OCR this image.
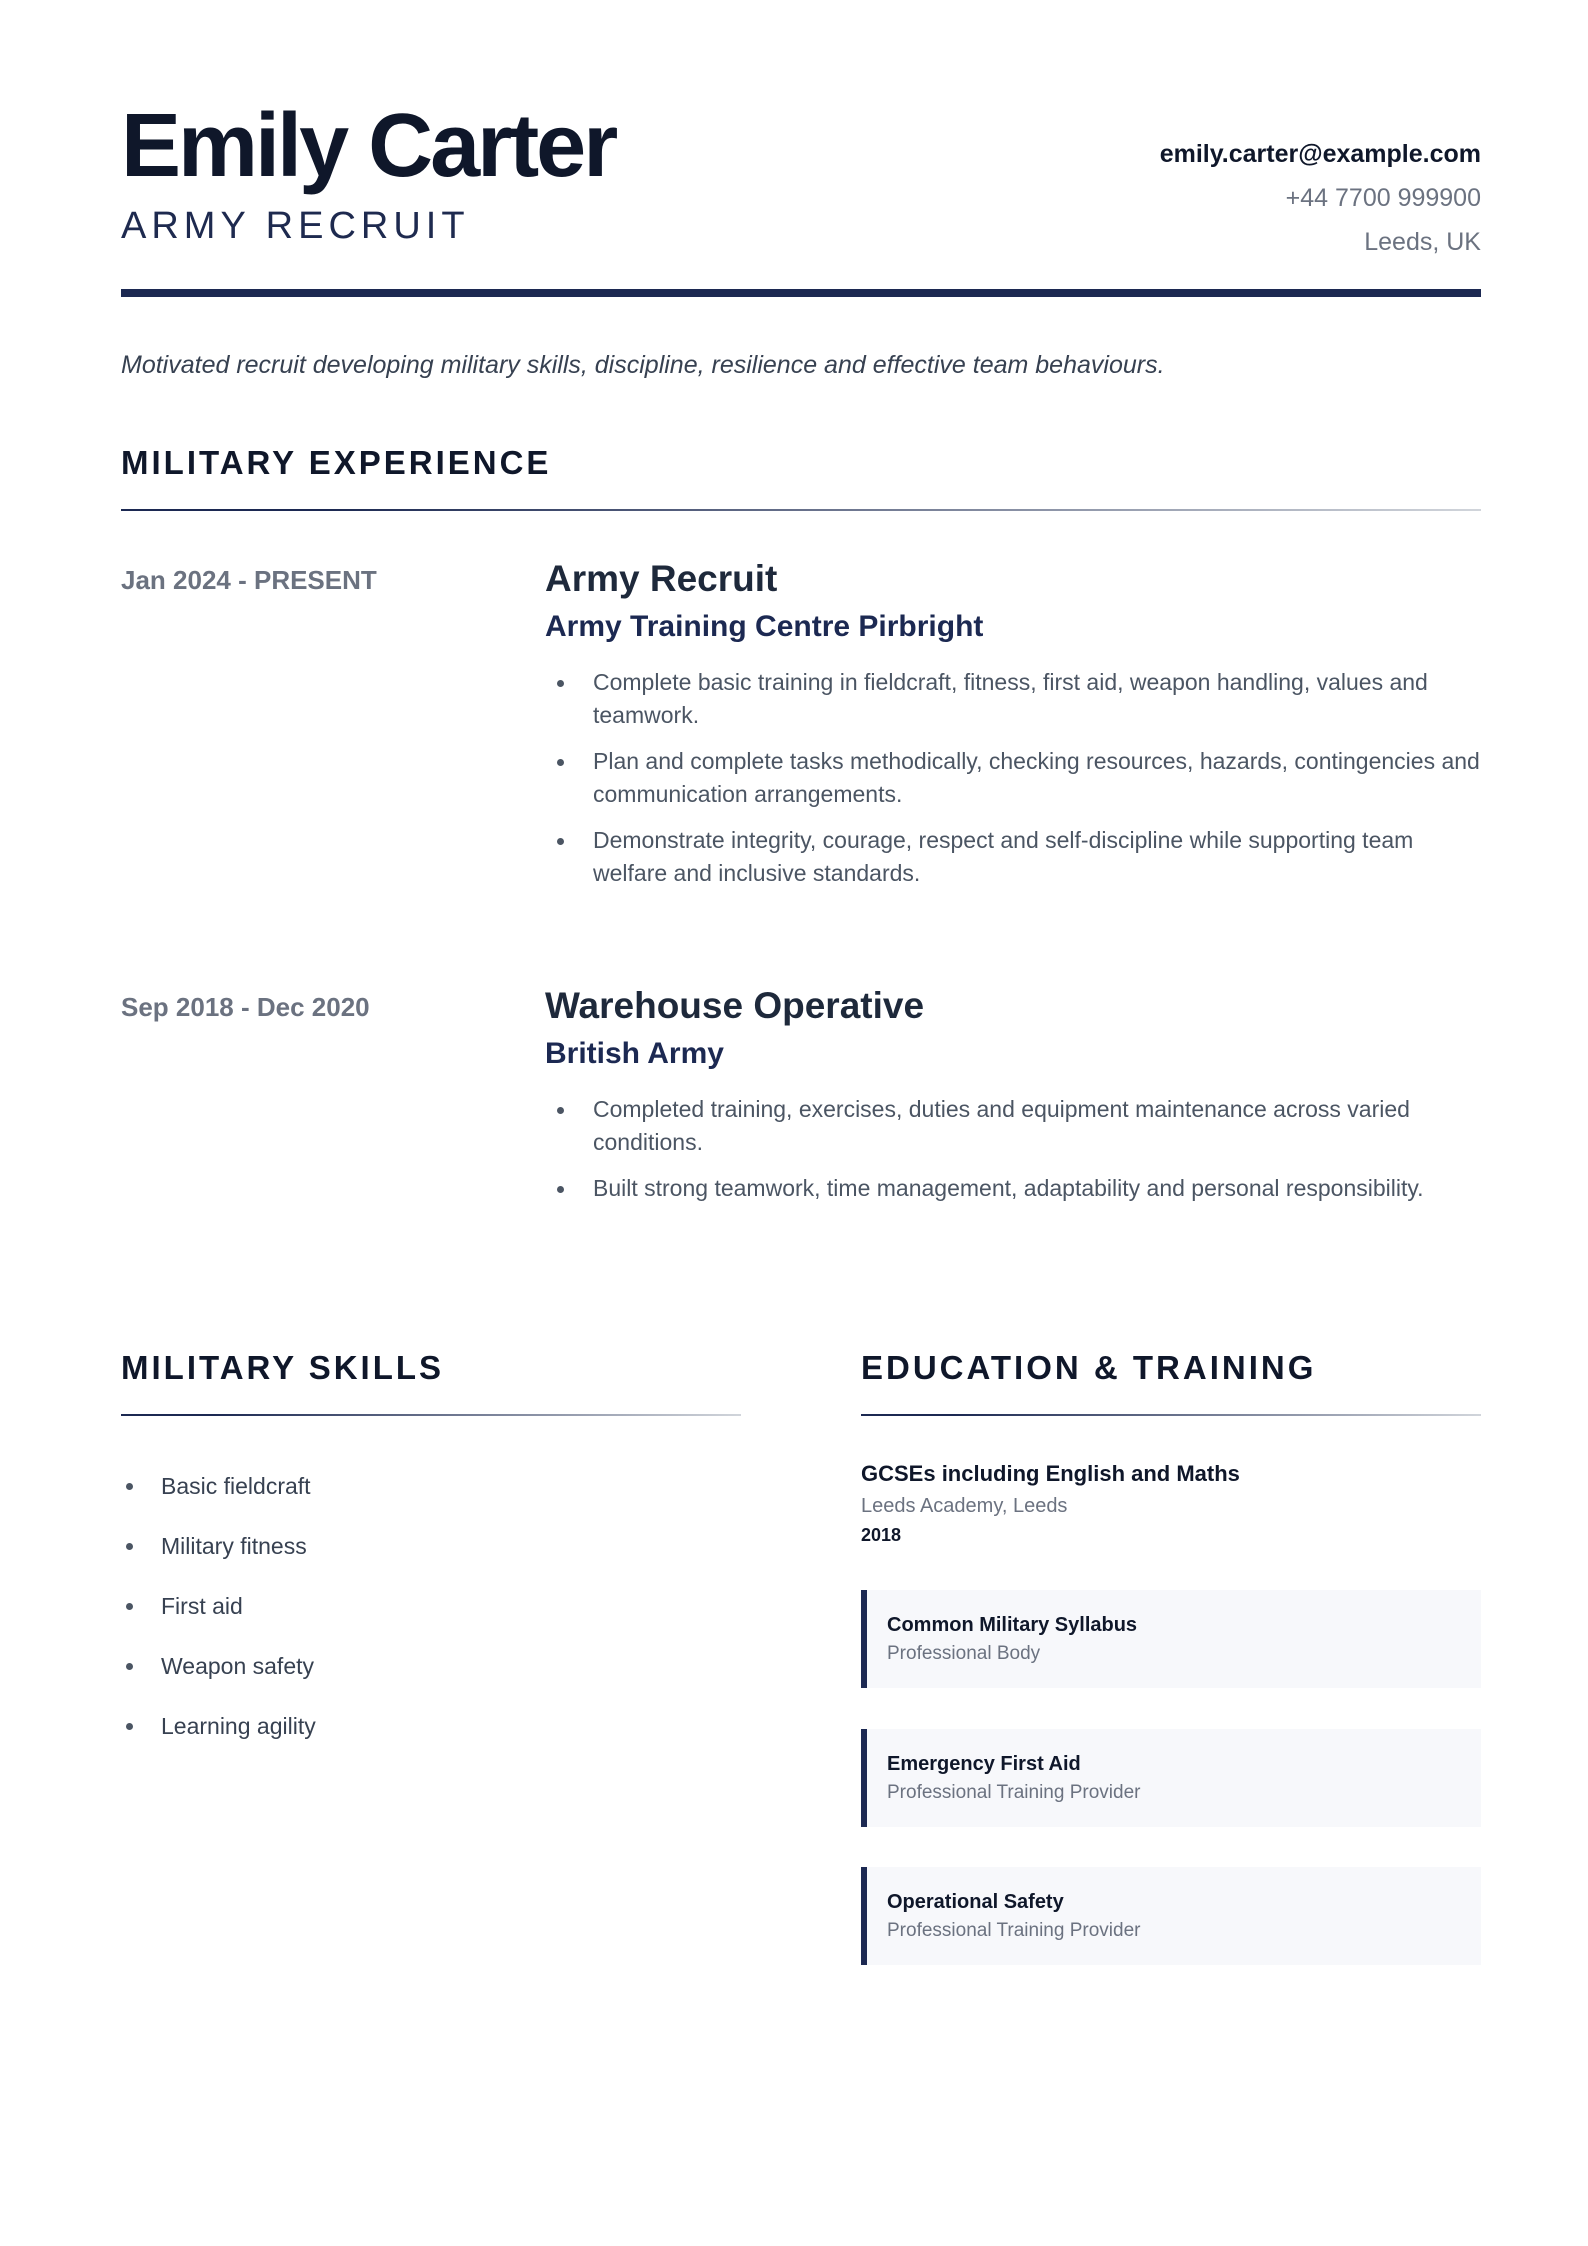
Emily Carter
ARMY RECRUIT
emily.carter@example.com
+44 7700 999900
Leeds, UK
Motivated recruit developing military skills, discipline, resilience and effective team behaviours.
MILITARY EXPERIENCE
Jan 2024 - PRESENT	Army Recruit
Army Training Centre Pirbright
Complete basic training in fieldcraft, fitness, first aid, weapon handling, values and teamwork.
Plan and complete tasks methodically, checking resources, hazards, contingencies and communication arrangements.
Demonstrate integrity, courage, respect and self-discipline while supporting team welfare and inclusive standards.
Sep 2018 - Dec 2020	Warehouse Operative
British Army
Completed training, exercises, duties and equipment maintenance across varied conditions.
Built strong teamwork, time management, adaptability and personal responsibility.
MILITARY SKILLS
Basic fieldcraft
Military fitness
First aid
Weapon safety
Learning agility
EDUCATION & TRAINING
GCSEs including English and Maths
Leeds Academy, Leeds
2018
Common Military Syllabus
Professional Body
Emergency First Aid
Professional Training Provider
Operational Safety
Professional Training Provider
